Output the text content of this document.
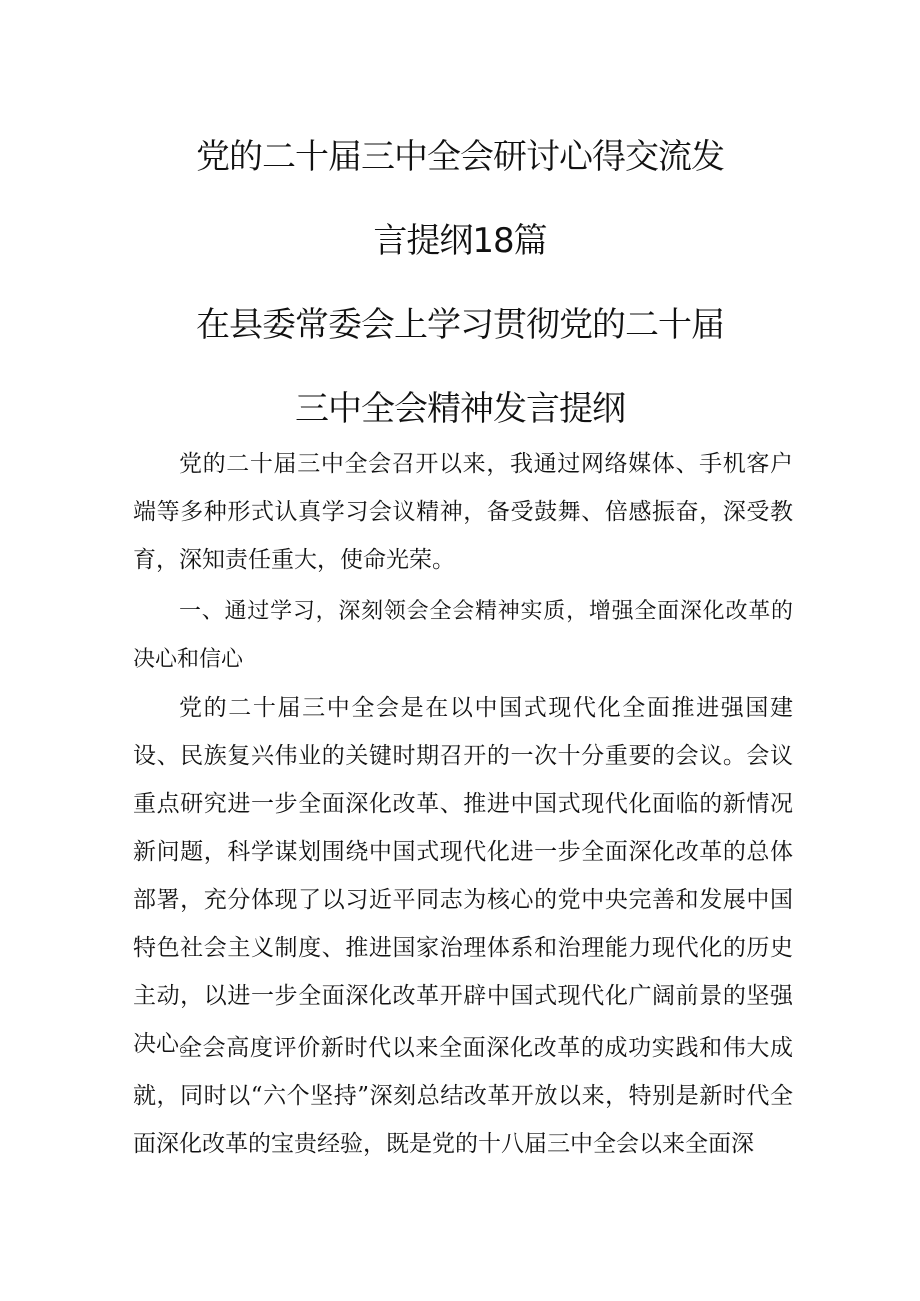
党的二十届三中全会研讨心得交流发
言提纲18篇
在县委常委会上学习贯彻党的二十届
三中全会精神发言提纲

党的二十届三中全会召开以来，我通过网络媒体、手机客户端等多种形式认真学习会议精神，备受鼓舞、倍感振奋，深受教育，深知责任重大，使命光荣。

一、通过学习，深刻领会全会精神实质，增强全面深化改革的决心和信心

党的二十届三中全会是在以中国式现代化全面推进强国建设、民族复兴伟业的关键时期召开的一次十分重要的会议。会议重点研究进一步全面深化改革、推进中国式现代化面临的新情况新问题，科学谋划围绕中国式现代化进一步全面深化改革的总体部署，充分体现了以习近平同志为核心的党中央完善和发展中国特色社会主义制度、推进国家治理体系和治理能力现代化的历史主动，以进一步全面深化改革开辟中国式现代化广阔前景的坚强决心。

全会高度评价新时代以来全面深化改革的成功实践和伟大成就，同时以“六个坚持”深刻总结改革开放以来，特别是新时代全面深化改革的宝贵经验，既是党的十八届三中全会以来全面深
